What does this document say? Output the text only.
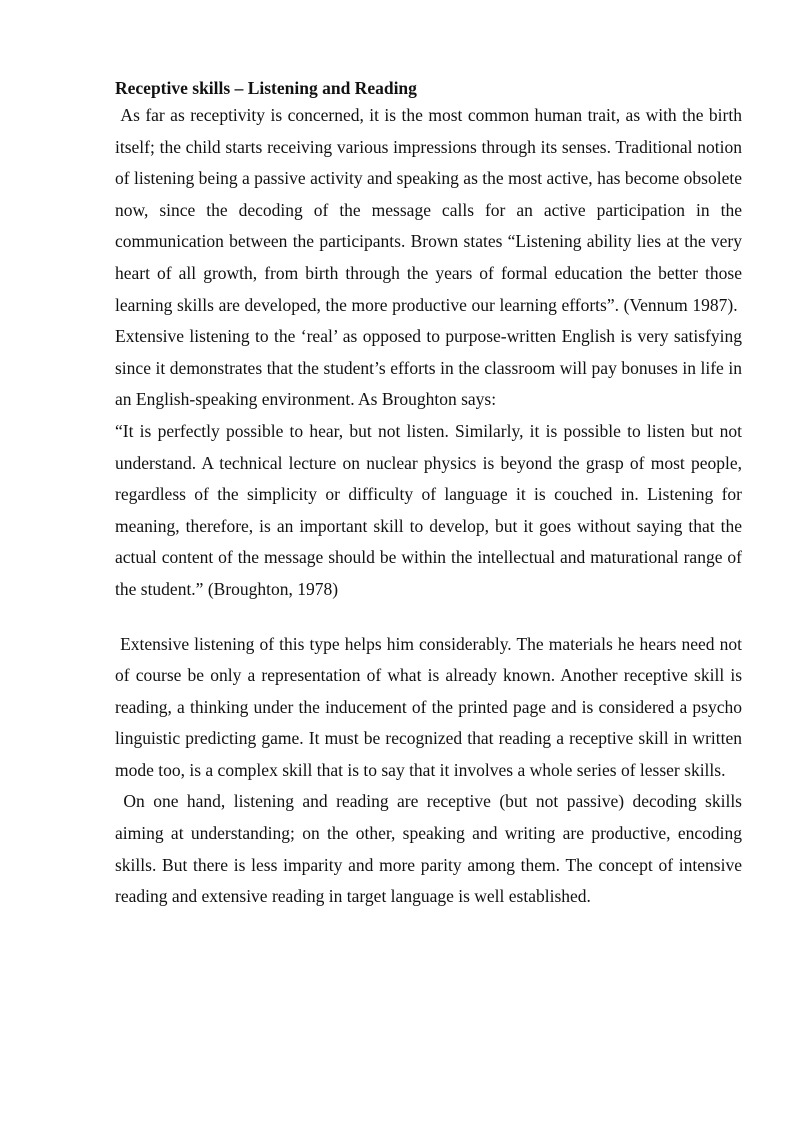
Receptive skills – Listening and Reading

As far as receptivity is concerned, it is the most common human trait, as with the birth itself; the child starts receiving various impressions through its senses. Traditional notion of listening being a passive activity and speaking as the most active, has become obsolete now, since the decoding of the message calls for an active participation in the communication between the participants. Brown states “Listening ability lies at the very heart of all growth, from birth through the years of formal education the better those learning skills are developed, the more productive our learning efforts”. (Vennum 1987).  Extensive listening to the ‘real’ as opposed to purpose-written English is very satisfying since it demonstrates that the student’s efforts in the classroom will pay bonuses in life in an English-speaking environment. As Broughton says:

“It is perfectly possible to hear, but not listen. Similarly, it is possible to listen but not understand. A technical lecture on nuclear physics is beyond the grasp of most people, regardless of the simplicity or difficulty of language it is couched in. Listening for meaning, therefore, is an important skill to develop, but it goes without saying that the actual content of the message should be within the intellectual and maturational range of the student.” (Broughton, 1978)

Extensive listening of this type helps him considerably. The materials he hears need not of course be only a representation of what is already known. Another receptive skill is reading, a thinking under the inducement of the printed page and is considered a psycho linguistic predicting game. It must be recognized that reading a receptive skill in written mode too, is a complex skill that is to say that it involves a whole series of lesser skills.

On one hand, listening and reading are receptive (but not passive) decoding skills aiming at understanding; on the other, speaking and writing are productive, encoding skills. But there is less imparity and more parity among them. The concept of intensive reading and extensive reading in target language is well established.
